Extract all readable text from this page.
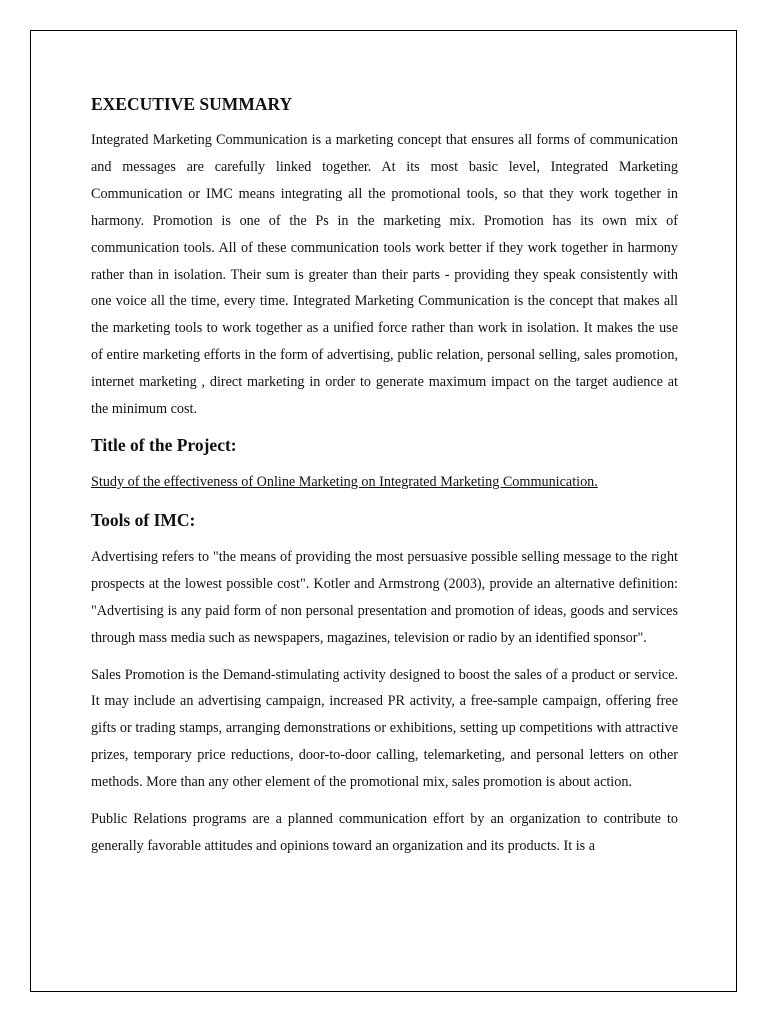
EXECUTIVE SUMMARY

Integrated Marketing Communication is a marketing concept that ensures all forms of communication and messages are carefully linked together. At its most basic level, Integrated Marketing Communication or IMC means integrating all the promotional tools, so that they work together in harmony. Promotion is one of the Ps in the marketing mix. Promotion has its own mix of communication tools. All of these communication tools work better if they work together in harmony rather than in isolation. Their sum is greater than their parts - providing they speak consistently with one voice all the time, every time. Integrated Marketing Communication is the concept that makes all the marketing tools to work together as a unified force rather than work in isolation. It makes the use of entire marketing efforts in the form of advertising, public relation, personal selling, sales promotion, internet marketing , direct marketing in order to generate maximum impact on the target audience at the minimum cost.

Title of the Project:

Study of the effectiveness of Online Marketing on Integrated Marketing Communication.

Tools of IMC:

Advertising refers to "the means of providing the most persuasive possible selling message to the right prospects at the lowest possible cost". Kotler and Armstrong (2003), provide an alternative definition: "Advertising is any paid form of non personal presentation and promotion of ideas, goods and services through mass media such as newspapers, magazines, television or radio by an identified sponsor".

Sales Promotion is the Demand-stimulating activity designed to boost the sales of a product or service. It may include an advertising campaign, increased PR activity, a free-sample campaign, offering free gifts or trading stamps, arranging demonstrations or exhibitions, setting up competitions with attractive prizes, temporary price reductions, door-to-door calling, telemarketing, and personal letters on other methods. More than any other element of the promotional mix, sales promotion is about action.

Public Relations programs are a planned communication effort by an organization to contribute to generally favorable attitudes and opinions toward an organization and its products. It is a
